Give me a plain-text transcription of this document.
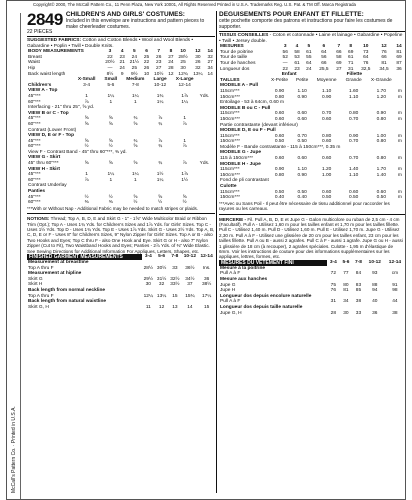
Copyright© 2000, The McCall Pattern Co., 11 Penn Plaza, New York 10001, All Rights Reserved Printed in U.S.A. Trademarks Reg. U.S. Pat. & TM Off. Marca Registrada
McCall's Pattern Co. · Printed in U.S.A.
2849
22 PIECES
CHILDREN'S AND GIRLS' COSTUMES:
Included in this envelope are instructions and pattern pieces to make cheerleader costumes.
SUGGESTED FABRICS: Cotton and Cotton Blends • Wool and Wool Blends • Gabardine • Poplin • Twill • Double Knits.
BODY MEASUREMENTS	3	4	5	6	7	8	10	12	14
Breast	22	23	24	25	26	27	28½	30	32
Waist	20½	21	21½	22	23	24	25	26	27
Hip	—	24	25	26	27	28	30	32	34
Back waist length	8½	9	9½	10	10½	12	12¾	13¼	14
	X-Small	Small	Medium	Large	X-Large	
Children's	3-4	5-6	7-8	10-12	12-14	
VIEW A - Top						
45"***	1	1¼	1¼	1¾	1⅞	Yds.
60"***	⅞	1	1	1¼	1¼	
Interfacing - 21" thru 25", ⅝ yd.						
VIEW B or C - Top						
45"***	⅝	⅝	¾	⅞	1	
60"***	⅝	⅝	⅝	¾	⅞	
Contrast (Lower Front)						
VIEW D, E or F - Top						
45"***	⅝	⅝	¾	⅞	1	
60"***	½	½	⅝	¾	⅞	
View F - Contrast Band - 45" thru 60"***, ⅜ yd.						
VIEW G - Skirt						
45" thru 60"***	⅝	⅝	⅝	¾	⅞	Yds.
VIEW H - Skirt						
45"***	1	1¼	1¼	1½	1⅞	
60"***	⅞	1	1	1¼	1½	
Contrast Underlay						
Panties						
45"***	½	½	⅝	⅝	⅝	
60"***	⅜	⅜	½	½	½	
***With or Without Nap - Additional Fabric may be needed to match stripes or plaids.
NOTIONS: Thread; Top A, B, D, E and Skirt G - 1" - 1⅝" Wide Multicolor Braid or Ribbon Trim (Opt.); Top A - Uses 1¾ Yds. for Children's Sizes and 1⅞ Yds. for Girls' Sizes. Top C - Uses 1½ Yds. Top D - Uses 1¾ Yds. Top E - Uses 1⅞ Yds. Skirt G - Uses 2½ Yds. Top A, B, C, D, E or F - Uses 8" for Children's Sizes, 9" Nylon Zipper for Girls' Sizes. Top A or B - also Two Hooks and Eyes; Top C thru F - also One Hook and Eye. Skirt G or H - also 7" Nylon Zipper (Cut to Fit), Two Waistband Hooks and Eyes; Panties - 2⅞ Yds. of ⅜" Wide Elastic. See Sewing Directions for Additional Information For Appliques, Letters, Shapes, etc.
FINISHED GARMENT MEASUREMENTS	3-4	5-6	7-8	10-12	12-14
Measurement at breastline					
Top A thru F	28½	30½	33	36½	Ins.
Measurement at hipline					
Skirt G	29½	31½	32½	34½	36
Skirt H	30	32	33½	37	38½
Back length from normal neckline					
Top A thru F	12¼	13¼	15	15¾	17¼
Back length from natural waistline					
Skirt G, H	11	12	13	14	15
DEGUISEMENTS POUR ENFANT ET FILLETTE:
cette pochette comporte des patrons et instructions pour faire les costumes de supporter.
TISSUS CONSEILLES - Coton et cotonnade • Laine et lainage • Gabardine • Popeline • Twill • Jersey double.
MESURES	3	4	5	6	7	8	10	12	14
Tour de poitrine	56	58	61	64	66	69	73	76	81
Tour de taille	52	53	55	56	58	61	64	66	69
Tour de hanches	—	61	64	66	69	71	76	81	87
Longueur dos	22	23	24	25,5	27	31	32,5	34,5	36
	Enfant		Fillette			
TAILLES	X-Petite	Petite	Moyenne	Grande	X-Grande	
MODELE A - Pull						
115cm***	0.90	1.10	1.10	1.60	1.70	m
150cm***	0.80	0.90	0.90	1.10	1.20	m
Entoilage - 53 à 64cm, 0.60 m						
MODELE B ou C - Pull						
115cm***	0.60	0.60	0.70	0.80	0.90	m
150cm***	0.60	0.60	0.60	0.70	0.80	m
Partie contrastante (devant inférieur)						
MODELE D, E ou F - Pull						
115cm***	0.60	0.70	0.80	0.90	1.00	m
150cm***	0.50	0.50	0.60	0.70	0.80	m
Modèle F - Bande contrastante - 115 à 150cm***, 0.35 m						
MODELE G - Jupe						
115 à 150cm***	0.60	0.60	0.60	0.70	0.80	m
MODELE H - Jupe						
115cm***	0.90	1.10	1.20	1.40	1.70	m
150cm***	0.80	0.90	1.00	1.10	1.40	m
Fond de pli contrastant						
Culotte						
115cm***	0.50	0.50	0.60	0.60	0.60	m
150cm***	0.40	0.40	0.50	0.50	0.50	m
***Avec ou Sans Poil - Il peut être nécessaire de tissu additionnel pour raccorder les rayures ou les carreaux.
MERCERIE - Fil. Pull A, B, D, E et Jupe G - Galon multicolore ou ruban de 2,5 cm - 4 cm (Facultatif). Pull A - Utilisez 1,60 m pour les tailles enfant et 1,70 m pour les tailles fillette. Pull C - Utilisez 1,40 m. Pull D - Utilisez 1,60 m. Pull E - Utilisez 1,70 m. Jupe G - Utilisez 2,30 m. Pull A à F - Utilisez une glissière de 20 cm pour les tailles enfant, 23 cm pour les tailles fillette. Pull A ou B - aussi 2 agrafes. Pull C à F - aussi 1 agrafe. Jupe G ou H - aussi 1 glissière de 18 cm (à recouper), 2 agrafes spéciales. Culotte - 1,95 m d'élastique de 6mm. Voir les instructions de couture pour des informations supplémentaires sur les appliques, lettres, formes, etc.
MESURES DU VETEMENT FINI	3-4	5-6	7-8	10-12	12-14
Mesure à la poitrine					
Pull A à F	72	77	84	93	cm
Mesure aux hanches					
Jupe G	75	80	83	88	91
Jupe H	76	81	85	94	98
Longueur dos depuis encolure naturelle					
Pull A à F	31	34	38	40	44
Longueur dos depuis taille naturelle					
Jupe G, H	28	30	33	36	38
